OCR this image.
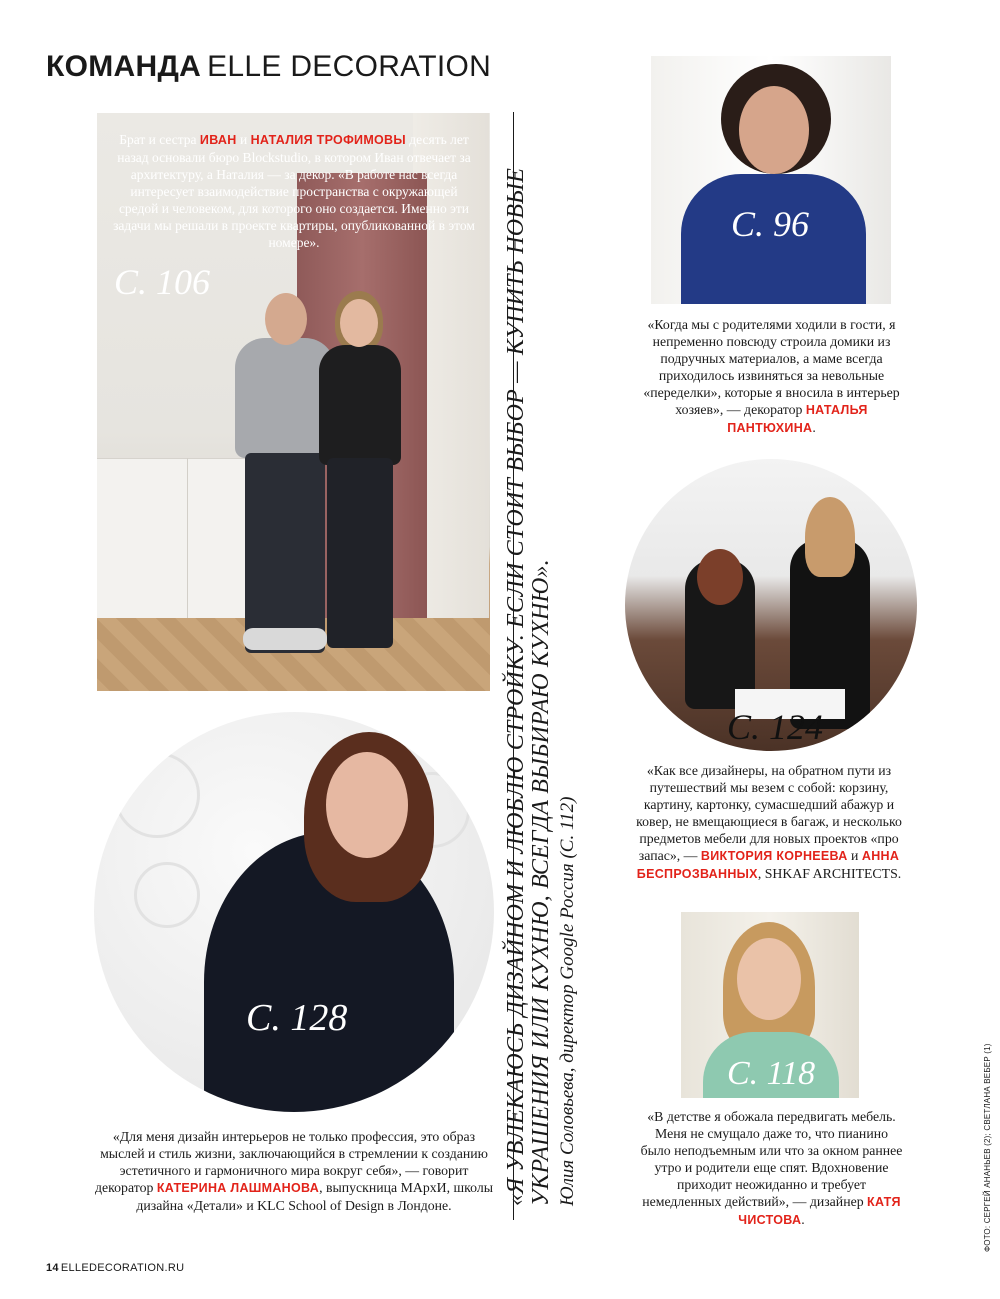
КОМАНДА ELLE DECORATION
Брат и сестра ИВАН и НАТАЛИЯ ТРОФИМОВЫ десять лет назад основали бюро Blockstudio, в котором Иван отвечает за архитектуру, а Наталия — за декор. «В работе нас всегда интересует взаимодействие пространства с окружающей средой и человеком, для которого оно создается. Именно эти задачи мы решали в проекте квартиры, опубликованной в этом номере».
С. 106
С. 128
«Для меня дизайн интерьеров не только профессия, это образ мыслей и стиль жизни, заключающийся в стремлении к созданию эстетичного и гармоничного мира вокруг себя», — говорит декоратор КАТЕРИНА ЛАШМАНОВА, выпускница МАрхИ, школы дизайна «Детали» и KLC School of Design в Лондоне.	«Я УВЛЕКАЮСЬ ДИЗАЙНОМ И ЛЮБЛЮ СТРОЙКУ. ЕСЛИ СТОИТ ВЫБОР — КУПИТЬ НОВЫЕ УКРАШЕНИЯ ИЛИ КУХНЮ, ВСЕГДА ВЫБИРАЮ КУХНЮ». Юлия Соловьева, директор Google Россия (С. 112)
С. 96
«Когда мы с родителями ходили в гости, я непременно повсюду строила домики из подручных материалов, а маме всегда приходилось извиняться за невольные «переделки», которые я вносила в интерьер хозяев», — декоратор НАТАЛЬЯ ПАНТЮХИНА.
С. 124
«Как все дизайнеры, на обратном пути из путешествий мы везем с собой: корзину, картину, картонку, сумасшедший абажур и ковер, не вмещающиеся в багаж, и несколько предметов мебели для новых проектов «про запас», — ВИКТОРИЯ КОРНЕЕВА и АННА БЕСПРОЗВАННЫХ, SHKAF ARCHITECTS.
С. 118
«В детстве я обожала передвигать мебель. Меня не смущало даже то, что пианино было неподъемным или что за окном раннее утро и родители еще спят. Вдохновение приходит неожиданно и требует немедленных действий», — дизайнер КАТЯ ЧИСТОВА.
14 ELLEDECORATION.RU
ФОТО: СЕРГЕЙ АНАНЬЕВ (2); СВЕТЛАНА ВЕБЕР (1)
